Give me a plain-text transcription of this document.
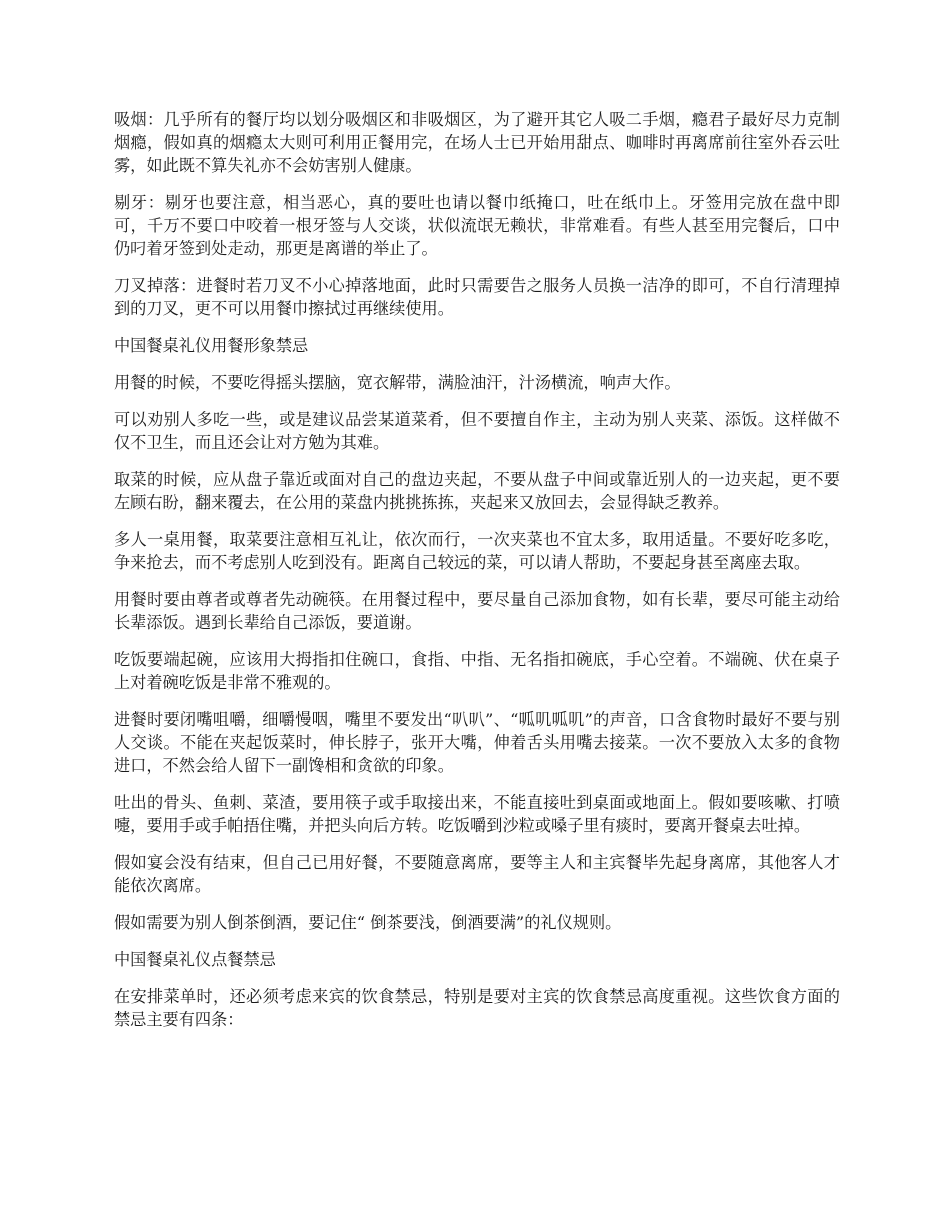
吸烟：几乎所有的餐厅均以划分吸烟区和非吸烟区，为了避开其它人吸二手烟，瘾君子最好尽力克制烟瘾，假如真的烟瘾太大则可利用正餐用完，在场人士已开始用甜点、咖啡时再离席前往室外吞云吐雾，如此既不算失礼亦不会妨害别人健康。

剔牙：剔牙也要注意，相当恶心，真的要吐也请以餐巾纸掩口，吐在纸巾上。牙签用完放在盘中即可，千万不要口中咬着一根牙签与人交谈，状似流氓无赖状，非常难看。有些人甚至用完餐后，口中仍叼着牙签到处走动，那更是离谱的举止了。

刀叉掉落：进餐时若刀叉不小心掉落地面，此时只需要告之服务人员换一洁净的即可，不自行清理掉到的刀叉，更不可以用餐巾擦拭过再继续使用。

中国餐桌礼仪用餐形象禁忌

用餐的时候，不要吃得摇头摆脑，宽衣解带，满脸油汗，汁汤横流，响声大作。

可以劝别人多吃一些，或是建议品尝某道菜肴，但不要擅自作主，主动为别人夹菜、添饭。这样做不仅不卫生，而且还会让对方勉为其难。

取菜的时候，应从盘子靠近或面对自己的盘边夹起，不要从盘子中间或靠近别人的一边夹起，更不要左顾右盼，翻来覆去，在公用的菜盘内挑挑拣拣，夹起来又放回去，会显得缺乏教养。

多人一桌用餐，取菜要注意相互礼让，依次而行，一次夹菜也不宜太多，取用适量。不要好吃多吃，争来抢去，而不考虑别人吃到没有。距离自己较远的菜，可以请人帮助，不要起身甚至离座去取。

用餐时要由尊者或尊者先动碗筷。在用餐过程中，要尽量自己添加食物，如有长辈，要尽可能主动给长辈添饭。遇到长辈给自己添饭，要道谢。

吃饭要端起碗，应该用大拇指扣住碗口，食指、中指、无名指扣碗底，手心空着。不端碗、伏在桌子上对着碗吃饭是非常不雅观的。

进餐时要闭嘴咀嚼，细嚼慢咽，嘴里不要发出“叭叭”、“呱叽呱叽”的声音，口含食物时最好不要与别人交谈。不能在夹起饭菜时，伸长脖子，张开大嘴，伸着舌头用嘴去接菜。一次不要放入太多的食物进口，不然会给人留下一副馋相和贪欲的印象。

吐出的骨头、鱼刺、菜渣，要用筷子或手取接出来，不能直接吐到桌面或地面上。假如要咳嗽、打喷嚏，要用手或手帕捂住嘴，并把头向后方转。吃饭嚼到沙粒或嗓子里有痰时，要离开餐桌去吐掉。

假如宴会没有结束，但自己已用好餐，不要随意离席，要等主人和主宾餐毕先起身离席，其他客人才能依次离席。

假如需要为别人倒茶倒酒，要记住“ 倒茶要浅，倒酒要满”的礼仪规则。

中国餐桌礼仪点餐禁忌

在安排菜单时，还必须考虑来宾的饮食禁忌，特别是要对主宾的饮食禁忌高度重视。这些饮食方面的禁忌主要有四条：
